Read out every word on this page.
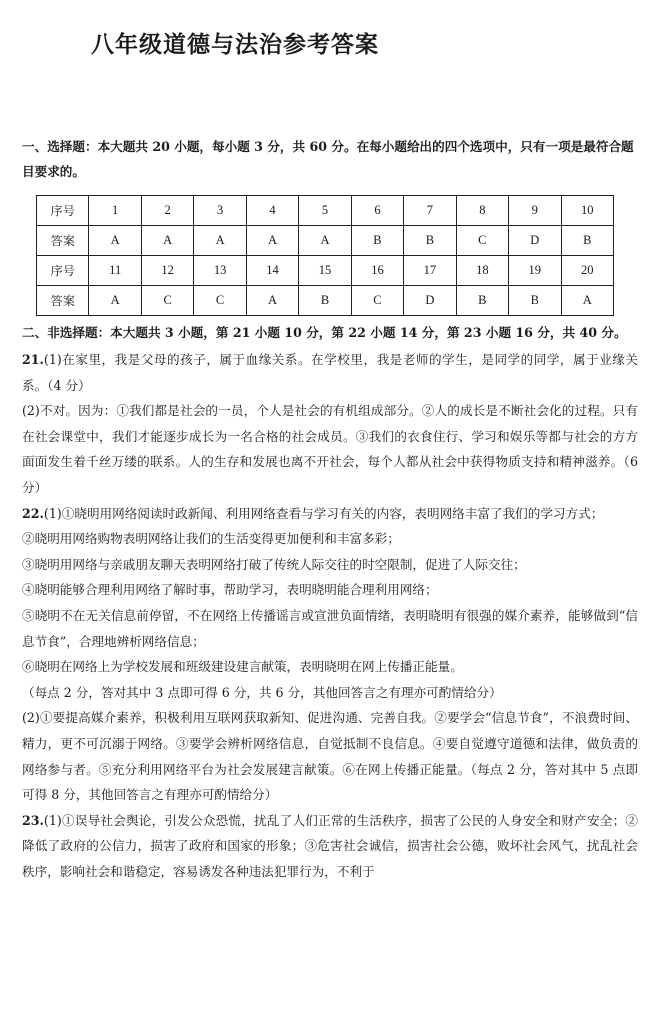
八年级道德与法治参考答案
一、选择题：本大题共 20 小题，每小题 3 分，共 60 分。在每小题给出的四个选项中，只有一项是最符合题目要求的。
序号	1	2	3	4	5	6	7	8	9	10
答案	A	A	A	A	A	B	B	C	D	B
序号	11	12	13	14	15	16	17	18	19	20
答案	A	C	C	A	B	C	D	B	B	A
二、非选择题：本大题共 3 小题，第 21 小题 10 分，第 22 小题 14 分，第 23 小题 16 分，共 40 分。

21.(1)在家里，我是父母的孩子，属于血缘关系。在学校里，我是老师的学生，是同学的同学，属于业缘关系。（4 分）

(2)不对。因为：①我们都是社会的一员，个人是社会的有机组成部分。②人的成长是不断社会化的过程。只有在社会课堂中，我们才能逐步成长为一名合格的社会成员。③我们的衣食住行、学习和娱乐等都与社会的方方面面发生着千丝万缕的联系。人的生存和发展也离不开社会，每个人都从社会中获得物质支持和精神滋养。（6 分）

22.(1)①晓明用网络阅读时政新闻、利用网络查看与学习有关的内容，表明网络丰富了我们的学习方式；

②晓明用网络购物表明网络让我们的生活变得更加便利和丰富多彩；

③晓明用网络与亲戚朋友聊天表明网络打破了传统人际交往的时空限制，促进了人际交往；

④晓明能够合理利用网络了解时事，帮助学习，表明晓明能合理利用网络；

⑤晓明不在无关信息前停留，不在网络上传播谣言或宣泄负面情绪，表明晓明有很强的媒介素养，能够做到“信息节食”，合理地辨析网络信息；

⑥晓明在网络上为学校发展和班级建设建言献策，表明晓明在网上传播正能量。

（每点 2 分，答对其中 3 点即可得 6 分，共 6 分，其他回答言之有理亦可酌情给分）

(2)①要提高媒介素养，积极利用互联网获取新知、促进沟通、完善自我。②要学会“信息节食”，不浪费时间、精力，更不可沉溺于网络。③要学会辨析网络信息，自觉抵制不良信息。④要自觉遵守道德和法律，做负责的网络参与者。⑤充分利用网络平台为社会发展建言献策。⑥在网上传播正能量。（每点 2 分，答对其中 5 点即可得 8 分，其他回答言之有理亦可酌情给分）

23.(1)①误导社会舆论，引发公众恐慌，扰乱了人们正常的生活秩序，损害了公民的人身安全和财产安全；②降低了政府的公信力，损害了政府和国家的形象；③危害社会诚信，损害社会公德，败坏社会风气，扰乱社会秩序，影响社会和谐稳定，容易诱发各种违法犯罪行为，不利于
